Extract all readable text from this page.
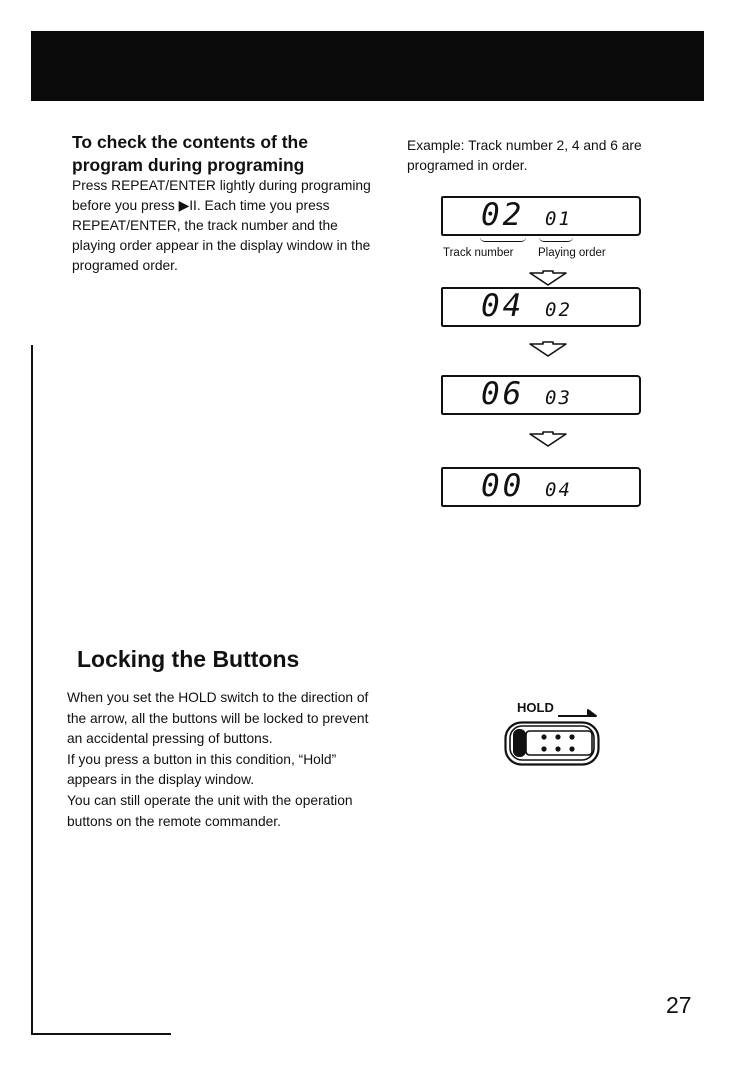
To check the contents of the program during programing
Press REPEAT/ENTER lightly during programing before you press ▶II. Each time you press REPEAT/ENTER, the track number and the playing order appear in the display window in the programed order.
Example: Track number 2, 4 and 6 are programed in order.
02 01
Track number Playing order
04 02
06 03
00 04
Locking the Buttons
When you set the HOLD switch to the direction of the arrow, all the buttons will be locked to prevent an accidental pressing of buttons.
If you press a button in this condition, “Hold” appears in the display window.
You can still operate the unit with the operation buttons on the remote commander.
HOLD
27
